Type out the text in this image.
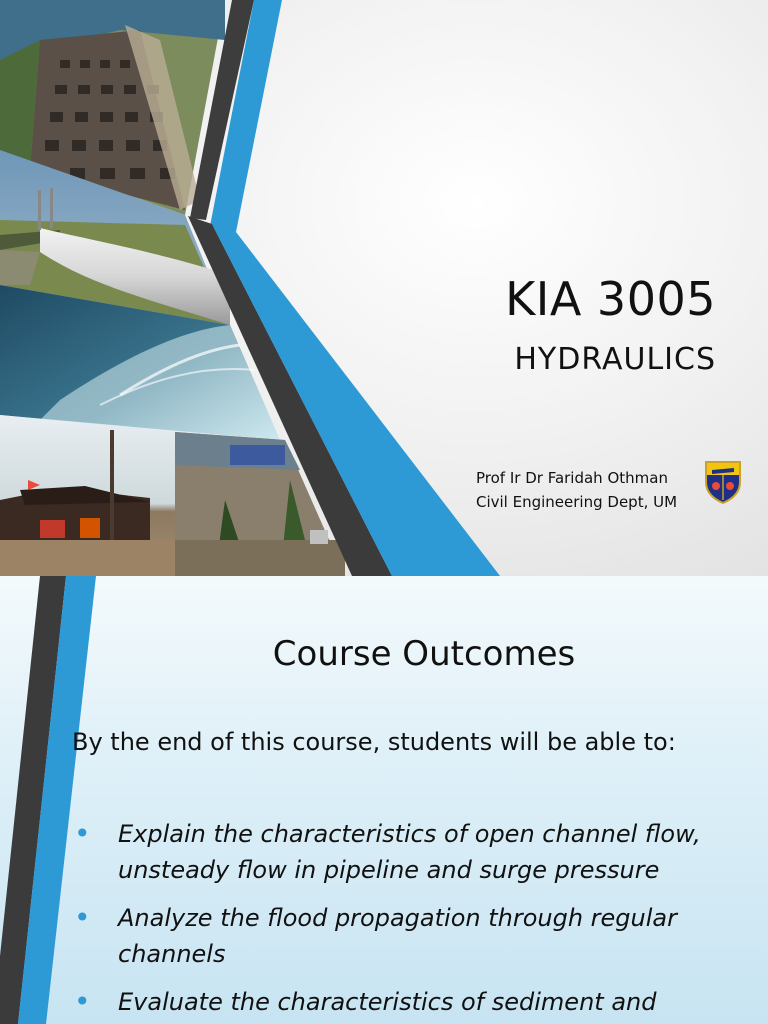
KIA 3005
HYDRAULICS
Prof Ir Dr Faridah Othman
Civil Engineering Dept, UM
Course Outcomes
By the end of this course, students will be able to:
• Explain the characteristics of open channel flow, unsteady flow in pipeline and surge pressure
• Analyze the flood propagation through regular channels
• Evaluate the characteristics of sediment and
